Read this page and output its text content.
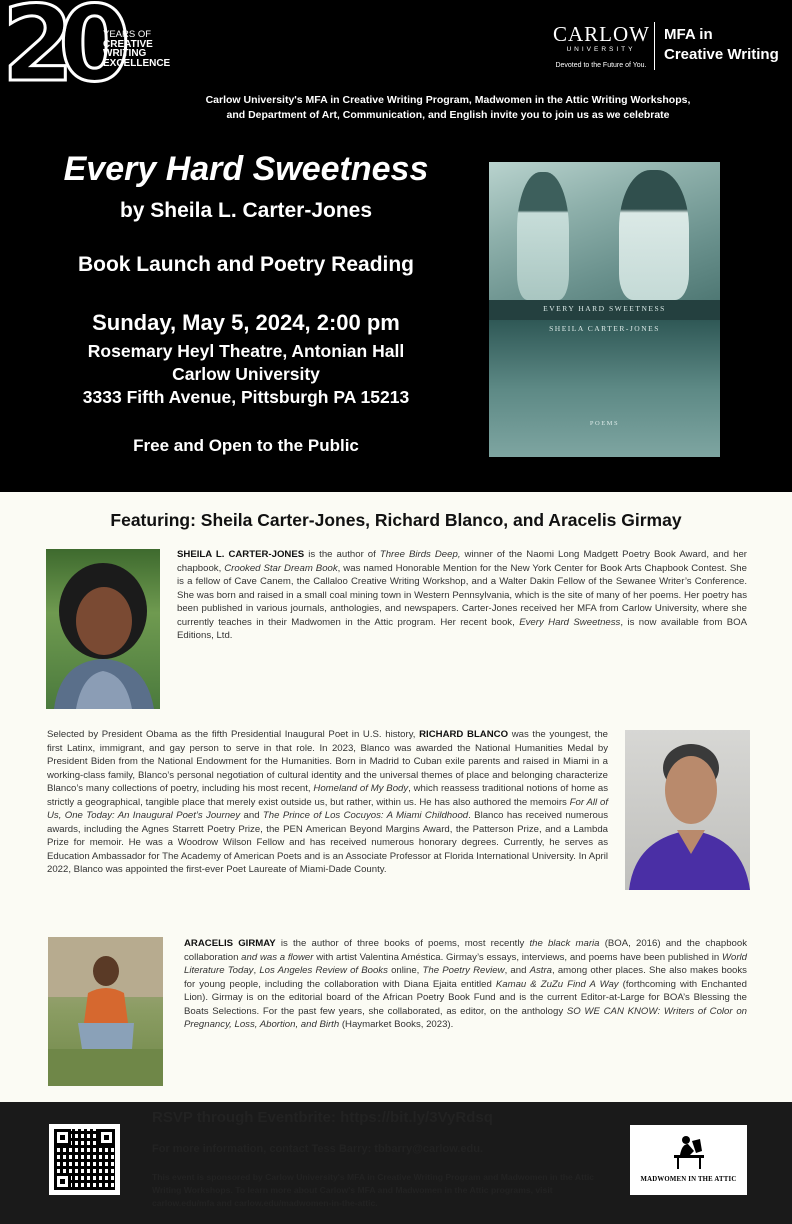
20
YEARS OF
CREATIVE
WRITING
EXCELLENCE
CARLOW
UNIVERSITY
Devoted to the Future of You.
MFA in
Creative Writing
Carlow University's MFA in Creative Writing Program, Madwomen in the Attic Writing Workshops,
and Department of Art, Communication, and English invite you to join us as we celebrate
Every Hard Sweetness
by Sheila L. Carter-Jones
Book Launch and Poetry Reading
Sunday, May 5, 2024, 2:00 pm
Rosemary Heyl Theatre, Antonian Hall
Carlow University
3333 Fifth Avenue, Pittsburgh PA 15213
Free and Open to the Public
EVERY HARD SWEETNESS
SHEILA CARTER-JONES
POEMS
Featuring: Sheila Carter-Jones, Richard Blanco, and Aracelis Girmay
SHEILA L. CARTER-JONES is the author of Three Birds Deep, winner of the Naomi Long Madgett Poetry Book Award, and her chapbook, Crooked Star Dream Book, was named Honorable Mention for the New York Center for Book Arts Chapbook Contest. She is a fellow of Cave Canem, the Callaloo Creative Writing Workshop, and a Walter Dakin Fellow of the Sewanee Writer’s Conference. She was born and raised in a small coal mining town in Western Pennsylvania, which is the site of many of her poems. Her poetry has been published in various journals, anthologies, and newspapers. Carter-Jones received her MFA from Carlow University, where she currently teaches in their Madwomen in the Attic program. Her recent book, Every Hard Sweetness, is now available from BOA Editions, Ltd.
Selected by President Obama as the fifth Presidential Inaugural Poet in U.S. history, RICHARD BLANCO was the youngest, the first Latinx, immigrant, and gay person to serve in that role. In 2023, Blanco was awarded the National Humanities Medal by President Biden from the National Endowment for the Humanities. Born in Madrid to Cuban exile parents and raised in Miami in a working-class family, Blanco’s personal negotiation of cultural identity and the universal themes of place and belonging characterize Blanco’s many collections of poetry, including his most recent, Homeland of My Body, which reassess traditional notions of home as strictly a geographical, tangible place that merely exist outside us, but rather, within us. He has also authored the memoirs For All of Us, One Today: An Inaugural Poet’s Journey and The Prince of Los Cocuyos: A Miami Childhood. Blanco has received numerous awards, including the Agnes Starrett Poetry Prize, the PEN American Beyond Margins Award, the Patterson Prize, and a Lambda Prize for memoir. He was a Woodrow Wilson Fellow and has received numerous honorary degrees. Currently, he serves as Education Ambassador for The Academy of American Poets and is an Associate Professor at Florida International University. In April 2022, Blanco was appointed the first-ever Poet Laureate of Miami-Dade County.
ARACELIS GIRMAY is the author of three books of poems, most recently the black maria (BOA, 2016) and the chapbook collaboration and was a flower with artist Valentina Améstica. Girmay’s essays, interviews, and poems have been published in World Literature Today, Los Angeles Review of Books online, The Poetry Review, and Astra, among other places. She also makes books for young people, including the collaboration with Diana Ejaita entitled Kamau & ZuZu Find A Way (forthcoming with Enchanted Lion). Girmay is on the editorial board of the African Poetry Book Fund and is the current Editor-at-Large for BOA’s Blessing the Boats Selections. For the past few years, she collaborated, as editor, on the anthology SO WE CAN KNOW: Writers of Color on Pregnancy, Loss, Abortion, and Birth (Haymarket Books, 2023).
RSVP through Eventbrite: https://bit.ly/3VyRdsq
For more information, contact Tess Barry: tbbarry@carlow.edu.
This event is sponsored by Carlow University's MFA in Creative Writing Program and Madwomen in the Attic Writing Workshops. To learn more about Carlow's MFA and Madwomen in the Attic programs, visit carlow.edu/mfa and carlow.edu/madwomen-in-the-attic.
MADWOMEN IN THE ATTIC
